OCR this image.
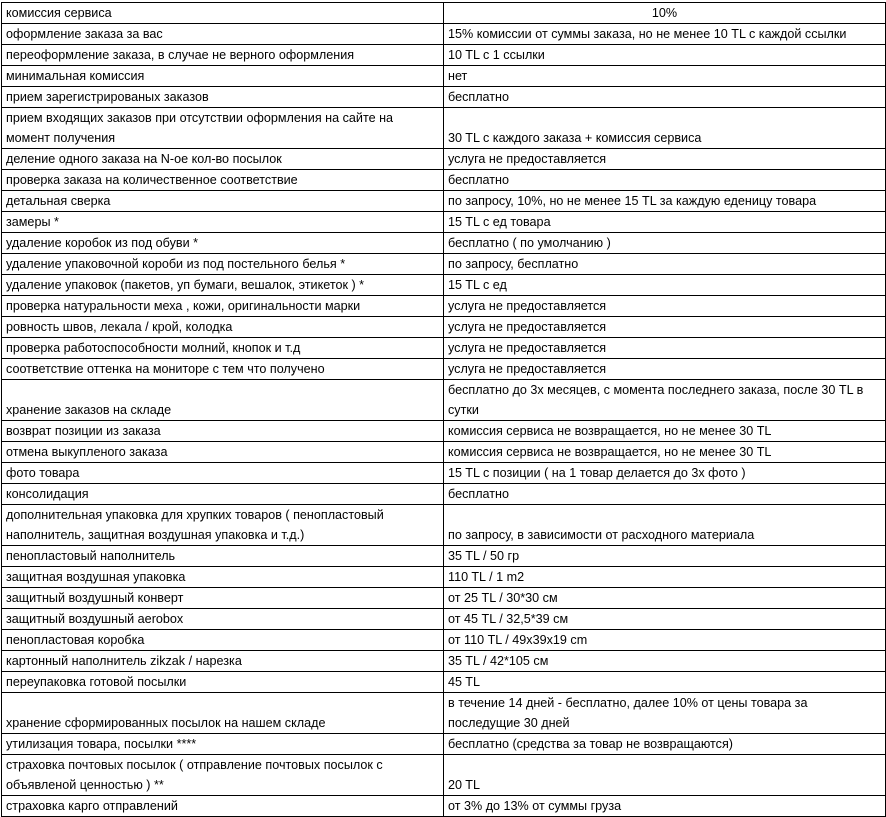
комиссия сервиса	10%
оформление заказа за вас	15% комиссии от суммы заказа, но не менее 10 TL с каждой ссылки
переоформление заказа, в случае не верного оформления	10 TL с 1 ссылки
минимальная комиссия	нет
прием зарегистрированых заказов	бесплатно
прием входящих заказов при отсутствии оформления на сайте на момент получения	30 TL с каждого заказа + комиссия сервиса
деление одного заказа на N-ое кол-во посылок	услуга не предоставляется
проверка заказа на количественное соответствие	бесплатно
детальная сверка	по запросу, 10%, но не менее 15 TL за каждую еденицу товара
замеры *	15 TL с ед товара
удаление коробок из под обуви *	бесплатно ( по умолчанию )
удаление упаковочной короби из под постельного белья *	по запросу, бесплатно
удаление упаковок (пакетов, уп бумаги, вешалок, этикеток ) *	15 TL с ед
проверка натуральности меха , кожи, оригинальности марки	услуга не предоставляется
ровность швов, лекала / крой, колодка	услуга не предоставляется
проверка работоспособности молний, кнопок и т.д	услуга не предоставляется
соответствие оттенка на мониторе с тем что получено	услуга не предоставляется
хранение заказов на складе	бесплатно до 3х месяцев, с момента последнего заказа, после 30 TL в сутки
возврат позиции из заказа	комиссия сервиса не возвращается, но не менее 30 TL
отмена выкупленого заказа	комиссия сервиса не возвращается, но не менее 30 TL
фото товара	15 TL с позиции ( на 1 товар делается до 3х фото )
консолидация	бесплатно
дополнительная упаковка для хрупких товаров ( пенопластовый наполнитель, защитная воздушная упаковка и т.д.)	по запросу, в зависимости от расходного материала
пенопластовый наполнитель	35 TL / 50 гр
защитная воздушная упаковка	110 TL / 1 m2
защитный воздушный конверт	от 25 TL / 30*30 см
защитный воздушный aerobox	от 45 TL / 32,5*39 см
пенопластовая коробка	от 110 TL / 49x39x19 cm
картонный наполнитель zikzak / нарезка	35 TL / 42*105 см
переупаковка готовой посылки	45 TL
хранение сформированных посылок на нашем складе	в течение 14 дней - бесплатно, далее 10% от цены товара за последущие 30 дней
утилизация товара, посылки ****	бесплатно (средства за товар не возвращаются)
страховка почтовых посылок ( отправление почтовых посылок с объявленой ценностью ) **	20 TL
страховка карго отправлений	от 3% до 13% от суммы груза
